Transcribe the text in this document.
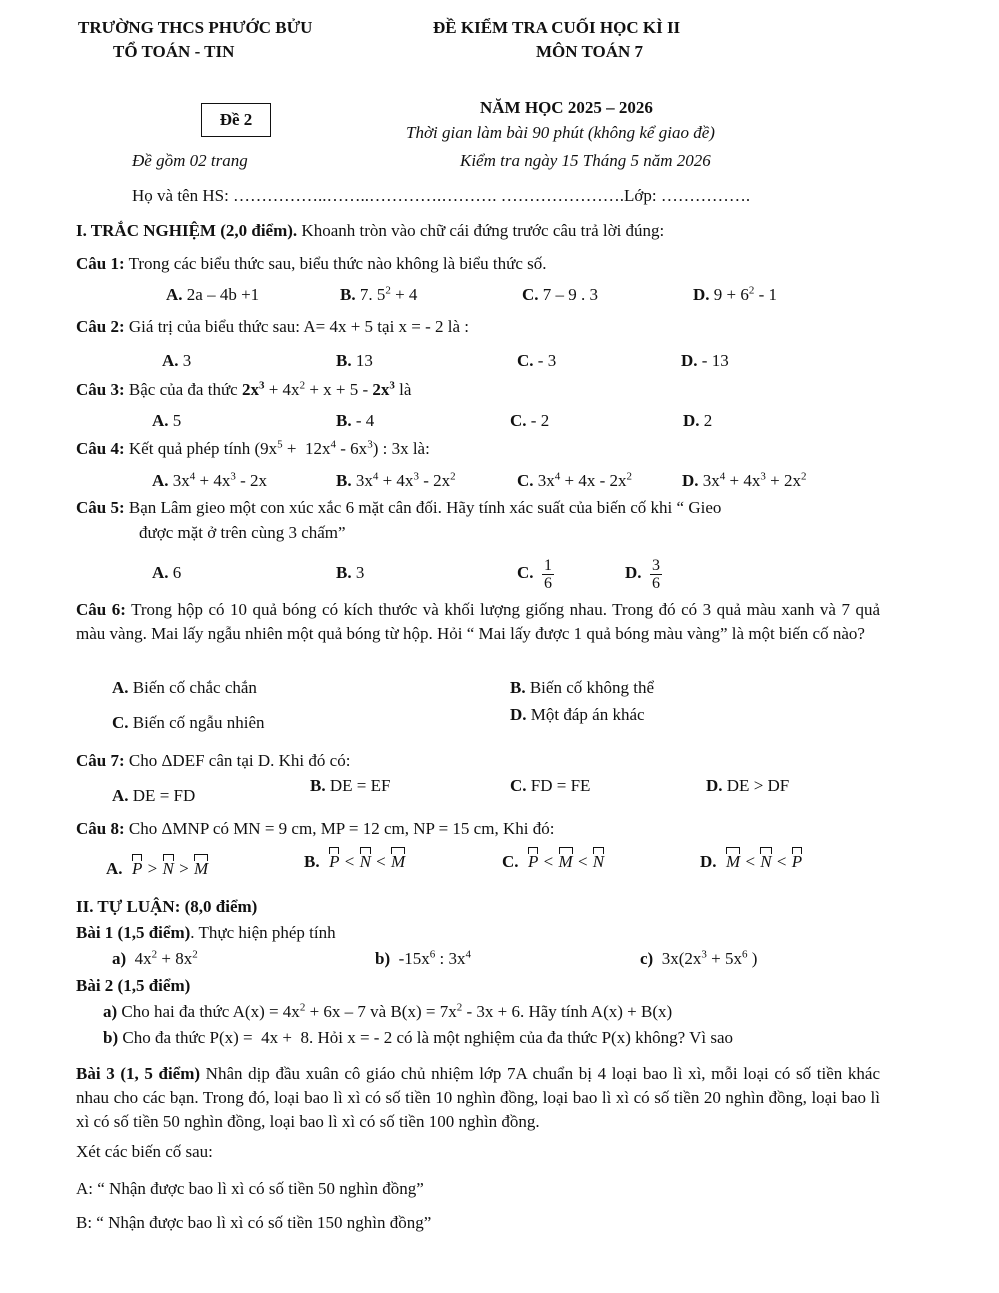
TRƯỜNG THCS PHƯỚC BỬU
TỔ TOÁN - TIN
Đề 2
Đề gồm 02 trang
ĐỀ KIỂM TRA CUỐI HỌC KÌ II
MÔN TOÁN 7
NĂM HỌC 2025 – 2026
Thời gian làm bài 90 phút (không kể giao đề)
Kiểm tra ngày 15 Tháng 5 năm 2026
Họ và tên HS: ……………..……..………….………. ………………….Lớp: …………….
I. TRẮC NGHIỆM (2,0 điểm). Khoanh tròn vào chữ cái đứng trước câu trả lời đúng:
Câu 1: Trong các biểu thức sau, biểu thức nào không là biểu thức số.
A. 2a – 4b +1	B. 7. $5^2 + 4$	C. 7 – 9 . 3	D. $9 + 6^2 - 1$
Câu 2: Giá trị của biểu thức sau: A= 4x + 5 tại x = - 2 là :
A. 3	B. 13	C. - 3	D. - 13
Câu 3: Bậc của đa thức $2x^3 + 4x^2 + x + 5 - 2x^3$ là
A. 5	B. - 4	C. - 2	D. 2
Câu 4: Kết quả phép tính $(9x^5 + 12x^4 - 6x^3)$ : 3x là:
A. $3x^4 + 4x^3 - 2x$	B. $3x^4 + 4x^3 - 2x^2$	C. $3x^4 + 4x - 2x^2$	D. $3x^4 + 4x^3 + 2x^2$
Câu 5: Bạn Lâm gieo một con xúc xắc 6 mặt cân đối. Hãy tính xác suất của biến cố khi “ Gieo
được mặt ở trên cùng 3 chấm”
A. 6	B. 3	C. $\frac{1}{6}$	D. $\frac{3}{6}$
Câu 6: Trong hộp có 10 quả bóng có kích thước và khối lượng giống nhau. Trong đó có 3 quả màu xanh và 7 quả màu vàng. Mai lấy ngẫu nhiên một quả bóng từ hộp. Hỏi “ Mai lấy được 1 quả bóng màu vàng” là một biến cố nào?
A. Biến cố chắc chắn	B. Biến cố không thể
C. Biến cố ngẫu nhiên	D. Một đáp án khác
Câu 7: Cho ΔDEF cân tại D. Khi đó có:
A. DE = FD
B. DE = EF	C. FD = FE	D. DE > DF
Câu 8: Cho ΔMNP có MN = 9 cm, MP = 12 cm, NP = 15 cm, Khi đó:
A. P > N > M	B. P < N < M	C. P < M < N	D. M < N < P
II. TỰ LUẬN: (8,0 điểm)
Bài 1 (1,5 điểm). Thực hiện phép tính
a) $4x^2 + 8x^2$	b) $-15x^6$ : $3x^4$	c) $3x(2x^3 + 5x^6$ )
Bài 2 (1,5 điểm)
a) Cho hai đa thức $A(x) = 4x^2 + 6x - 7$ và $B(x) = 7x^2 - 3x + 6$. Hãy tính A(x) + B(x)
b) Cho đa thức P(x) =  4x +  8. Hỏi x = - 2 có là một nghiệm của đa thức P(x) không? Vì sao
Bài 3 (1, 5 điểm) Nhân dịp đầu xuân cô giáo chủ nhiệm lớp 7A chuẩn bị 4 loại bao lì xì, mỗi loại có số tiền khác nhau cho các bạn. Trong đó, loại bao lì xì có số tiền 10 nghìn đồng, loại bao lì xì có số tiền 20 nghìn đồng, loại bao lì xì có số tiền 50 nghìn đồng, loại bao lì xì có số tiền 100 nghìn đồng.
Xét các biến cố sau:
A: “ Nhận được bao lì xì có số tiền 50 nghìn đồng”
B: “ Nhận được bao lì xì có số tiền 150 nghìn đồng”
